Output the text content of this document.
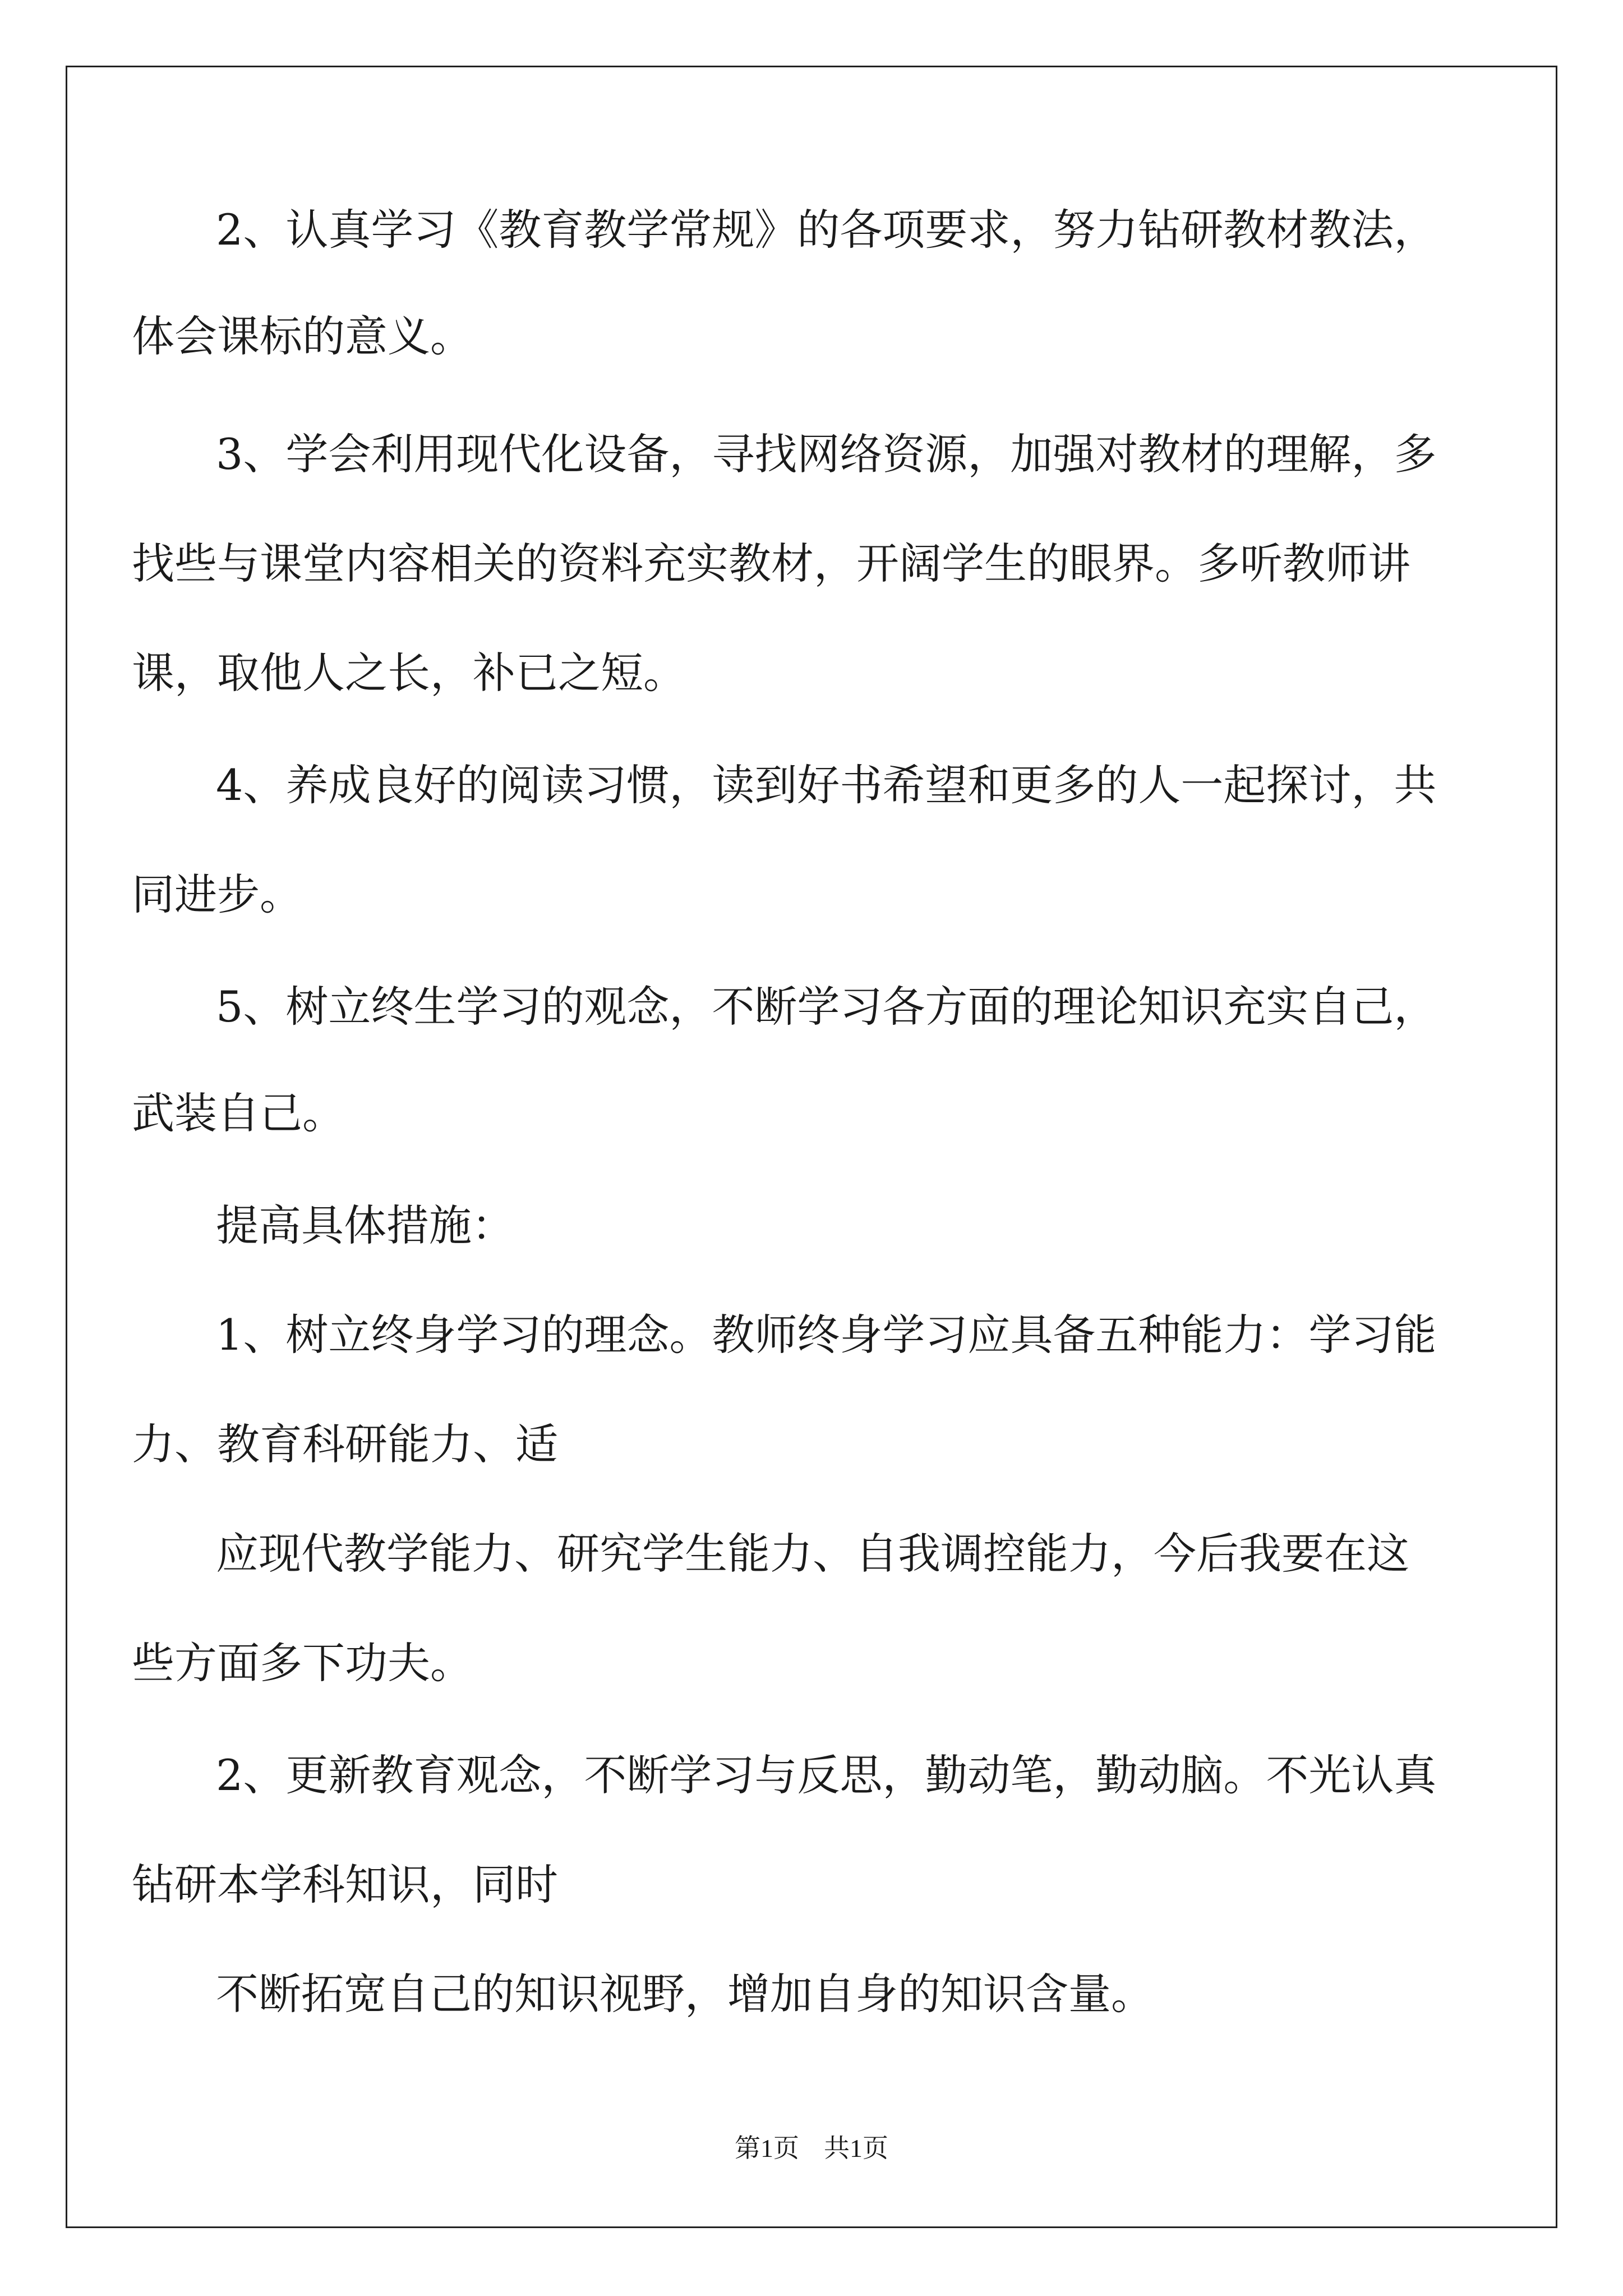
2、认真学习《教育教学常规》的各项要求，努力钻研教材教法，

体会课标的意义。

3、学会利用现代化设备，寻找网络资源，加强对教材的理解，多

找些与课堂内容相关的资料充实教材，开阔学生的眼界。多听教师讲

课，取他人之长，补已之短。

4、养成良好的阅读习惯，读到好书希望和更多的人一起探讨，共

同进步。

5、树立终生学习的观念，不断学习各方面的理论知识充实自己，

武装自己。

提高具体措施：

1、树立终身学习的理念。教师终身学习应具备五种能力：学习能

力、教育科研能力、适

应现代教学能力、研究学生能力、自我调控能力，今后我要在这

些方面多下功夫。

2、更新教育观念，不断学习与反思，勤动笔，勤动脑。不光认真

钻研本学科知识，同时

不断拓宽自己的知识视野，增加自身的知识含量。

第1页 共1页
